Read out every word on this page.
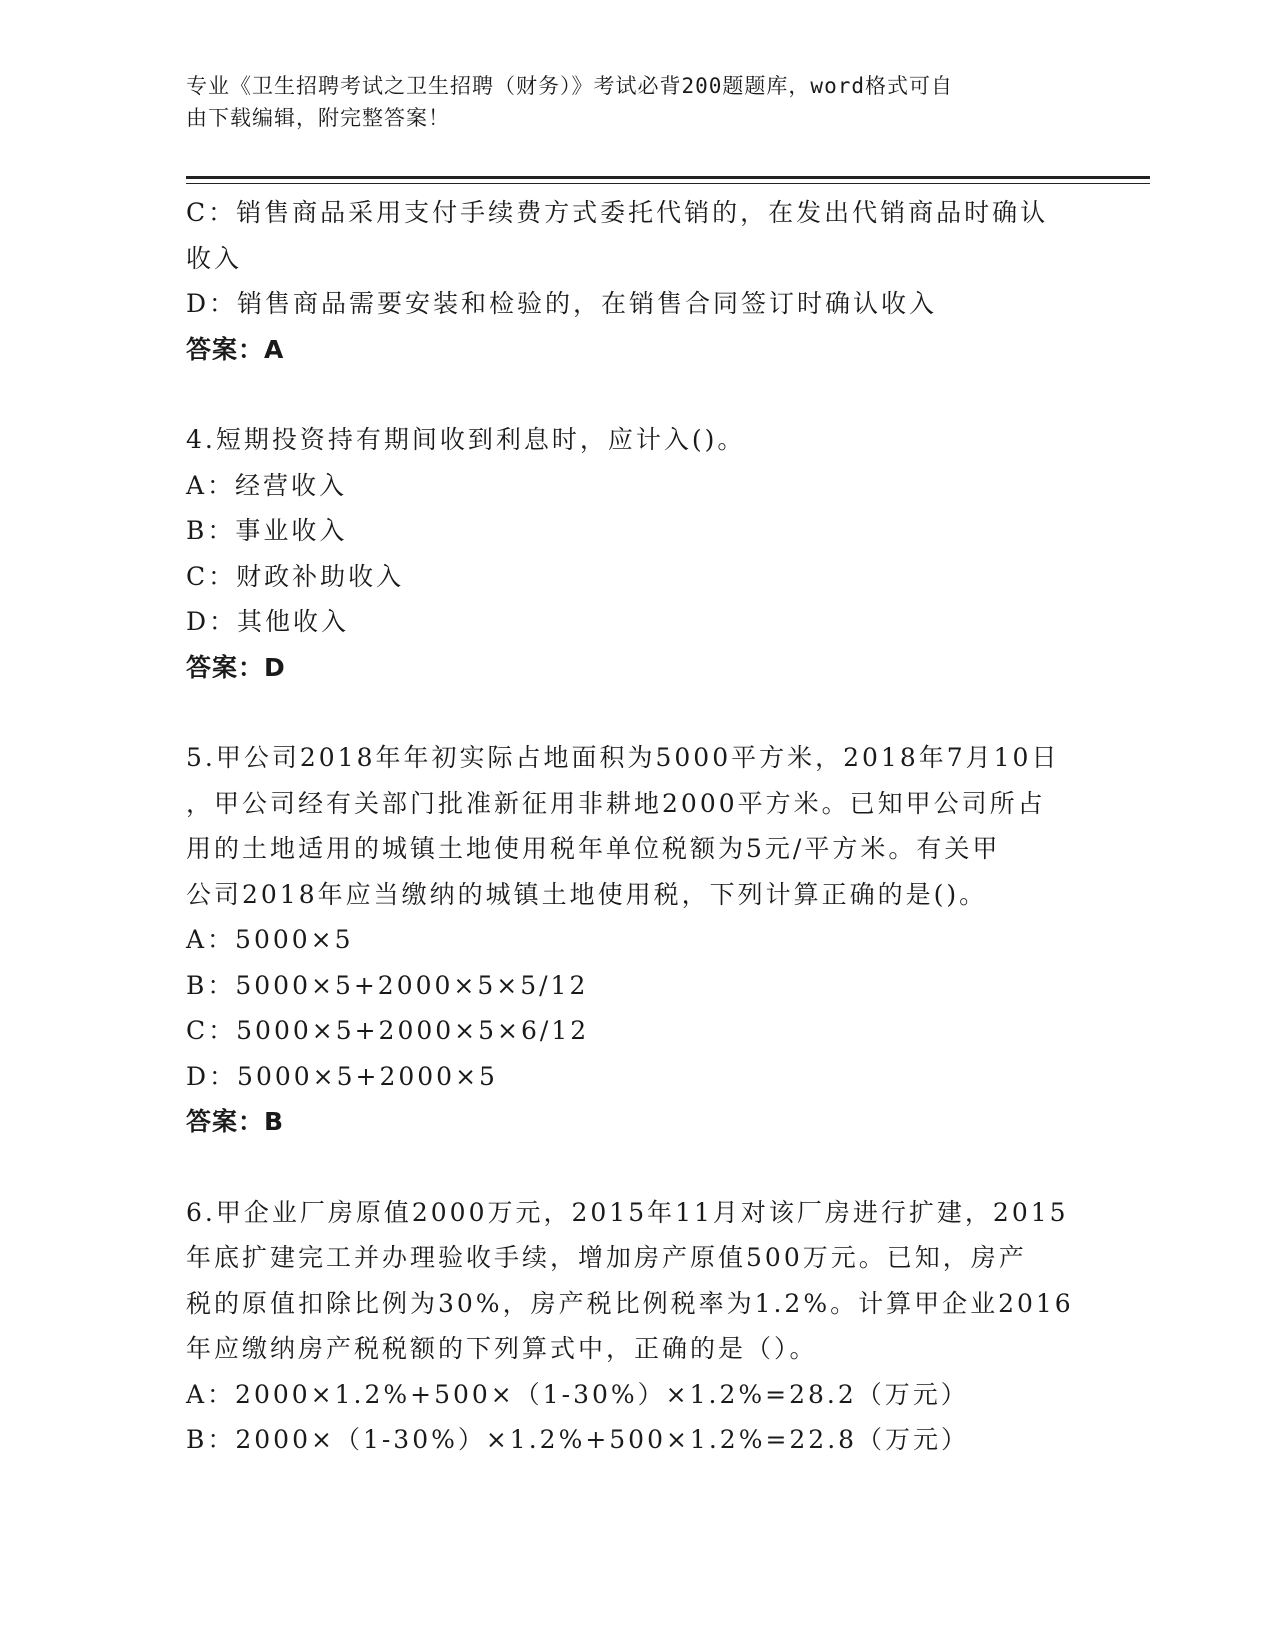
专业《卫生招聘考试之卫生招聘（财务）》考试必背200题题库，word格式可自
由下载编辑，附完整答案！
C：销售商品采用支付手续费方式委托代销的，在发出代销商品时确认
收入
D：销售商品需要安装和检验的，在销售合同签订时确认收入
答案：A
4.短期投资持有期间收到利息时，应计入()。
A：经营收入
B：事业收入
C：财政补助收入
D：其他收入
答案：D
5.甲公司2018年年初实际占地面积为5000平方米，2018年7月10日
，甲公司经有关部门批准新征用非耕地2000平方米。已知甲公司所占
用的土地适用的城镇土地使用税年单位税额为5元/平方米。有关甲
公司2018年应当缴纳的城镇土地使用税，下列计算正确的是()。
A：5000×5
B：5000×5+2000×5×5/12
C：5000×5+2000×5×6/12
D：5000×5+2000×5
答案：B
6.甲企业厂房原值2000万元，2015年11月对该厂房进行扩建，2015
年底扩建完工并办理验收手续，增加房产原值500万元。已知，房产
税的原值扣除比例为30%，房产税比例税率为1.2%。计算甲企业2016
年应缴纳房产税税额的下列算式中，正确的是（）。
A：2000×1.2%+500×（1-30%）×1.2%=28.2（万元）
B：2000×（1-30%）×1.2%+500×1.2%=22.8（万元）
